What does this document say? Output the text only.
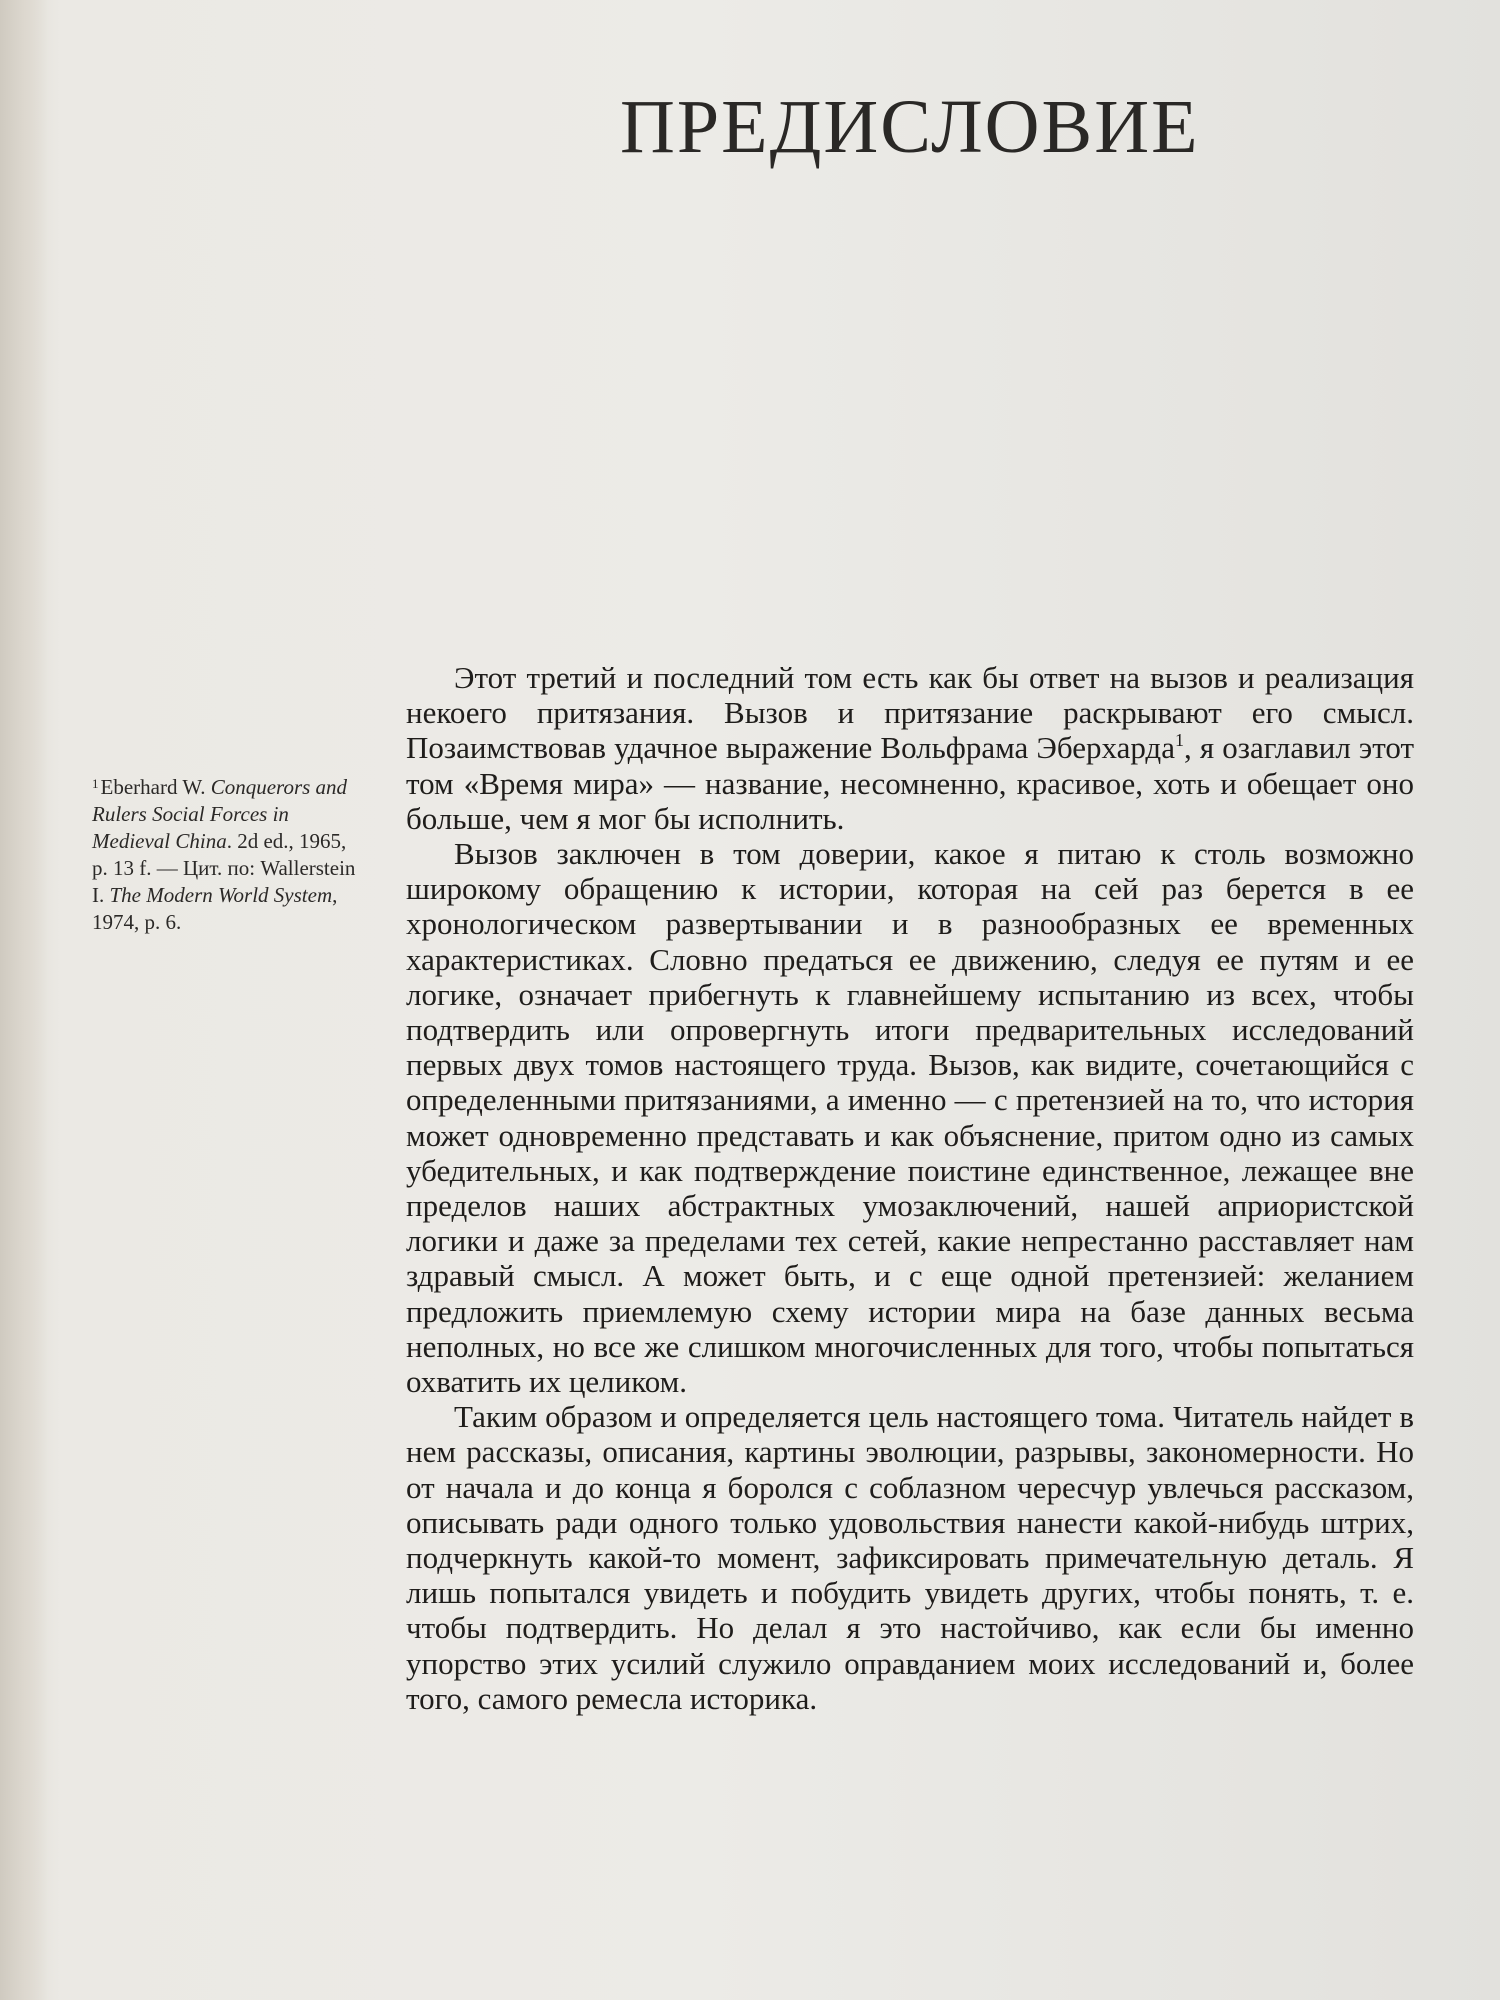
ПРЕДИСЛОВИЕ

$^1$Eberhard W. Conquerors and Rulers Social Forces in Medieval China. 2d ed., 1965, p. 13 f. — Цит. по: Wallerstein I. The Modern World System, 1974, p. 6.

Этот третий и последний том есть как бы ответ на вызов и реализация некоего притязания. Вызов и притязание раскрывают его смысл. Позаимствовав удачное выражение Вольфрама Эберхарда$^1$, я озаглавил этот том «Время мира» — название, несомненно, красивое, хоть и обещает оно больше, чем я мог бы исполнить.

Вызов заключен в том доверии, какое я питаю к столь возможно широкому обращению к истории, которая на сей раз берется в ее хронологическом развертывании и в разнообразных ее временных характеристиках. Словно предаться ее движению, следуя ее путям и ее логике, означает прибегнуть к главнейшему испытанию из всех, чтобы подтвердить или опровергнуть итоги предварительных исследований первых двух томов настоящего труда. Вызов, как видите, сочетающийся с определенными притязаниями, а именно — с претензией на то, что история может одновременно представать и как объяснение, притом одно из самых убедительных, и как подтверждение поистине единственное, лежащее вне пределов наших абстрактных умозаключений, нашей априористской логики и даже за пределами тех сетей, какие непрестанно расставляет нам здравый смысл. А может быть, и с еще одной претензией: желанием предложить приемлемую схему истории мира на базе данных весьма неполных, но все же слишком многочисленных для того, чтобы попытаться охватить их целиком.

Таким образом и определяется цель настоящего тома. Читатель найдет в нем рассказы, описания, картины эволюции, разрывы, закономерности. Но от начала и до конца я боролся с соблазном чересчур увлечься рассказом, описывать ради одного только удовольствия нанести какой-нибудь штрих, подчеркнуть какой-то момент, зафиксировать примечательную деталь. Я лишь попытался увидеть и побудить увидеть других, чтобы понять, т. е. чтобы подтвердить. Но делал я это настойчиво, как если бы именно упорство этих усилий служило оправданием моих исследований и, более того, самого ремесла историка.
